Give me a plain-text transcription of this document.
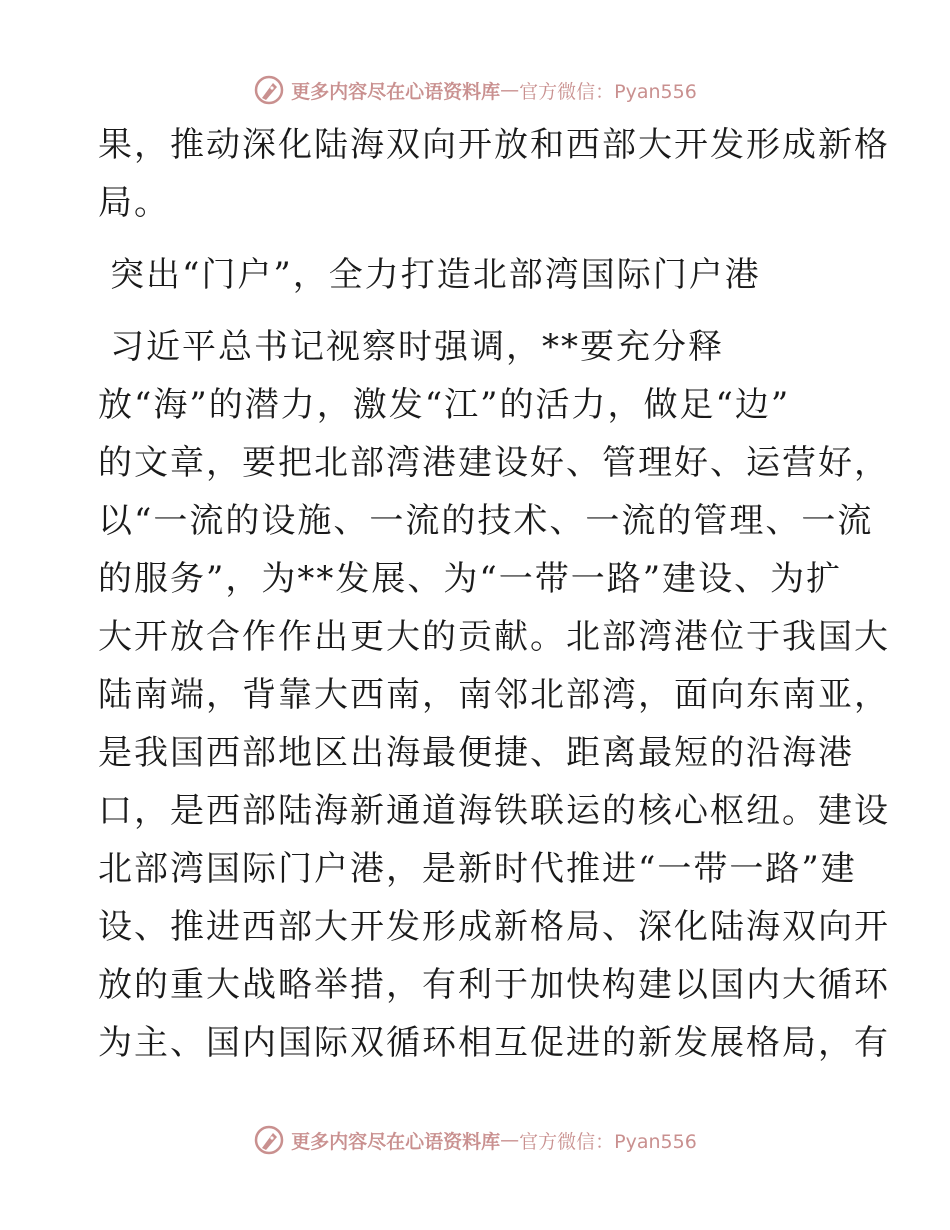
更多内容尽在心语资料库 — 官方微信：Pyan556
果，推动深化陆海双向开放和西部大开发形成新格
局。
突出“门户”，全力打造北部湾国际门户港
习近平总书记视察时强调，**要充分释
放“海”的潜力，激发“江”的活力，做足“边”
的文章，要把北部湾港建设好、管理好、运营好，
以“一流的设施、一流的技术、一流的管理、一流
的服务”，为**发展、为“一带一路”建设、为扩
大开放合作作出更大的贡献。北部湾港位于我国大
陆南端，背靠大西南，南邻北部湾，面向东南亚，
是我国西部地区出海最便捷、距离最短的沿海港
口，是西部陆海新通道海铁联运的核心枢纽。建设
北部湾国际门户港，是新时代推进“一带一路”建
设、推进西部大开发形成新格局、深化陆海双向开
放的重大战略举措，有利于加快构建以国内大循环
为主、国内国际双循环相互促进的新发展格局，有
更多内容尽在心语资料库 — 官方微信：Pyan556
